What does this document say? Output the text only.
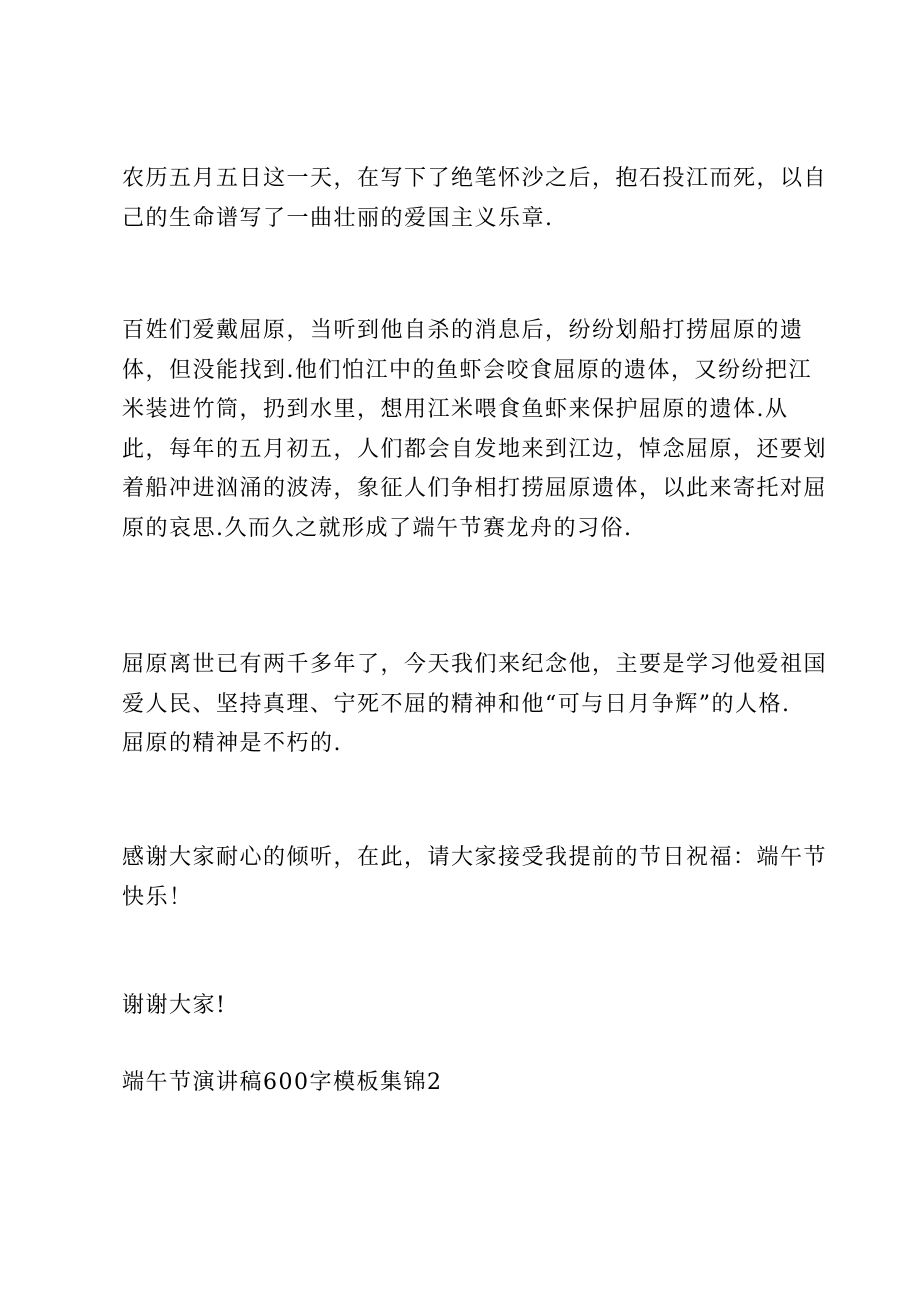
农历五月五日这一天，在写下了绝笔怀沙之后，抱石投江而死，以自
己的生命谱写了一曲壮丽的爱国主义乐章.

百姓们爱戴屈原，当听到他自杀的消息后，纷纷划船打捞屈原的遗
体，但没能找到.他们怕江中的鱼虾会咬食屈原的遗体，又纷纷把江
米装进竹筒，扔到水里，想用江米喂食鱼虾来保护屈原的遗体.从
此，每年的五月初五，人们都会自发地来到江边，悼念屈原，还要划
着船冲进汹涌的波涛，象征人们争相打捞屈原遗体，以此来寄托对屈
原的哀思.久而久之就形成了端午节赛龙舟的习俗.

屈原离世已有两千多年了，今天我们来纪念他，主要是学习他爱祖国
爱人民、坚持真理、宁死不屈的精神和他“可与日月争辉”的人格.
屈原的精神是不朽的.

感谢大家耐心的倾听，在此，请大家接受我提前的节日祝福：端午节
快乐！

谢谢大家!

端午节演讲稿600字模板集锦2
